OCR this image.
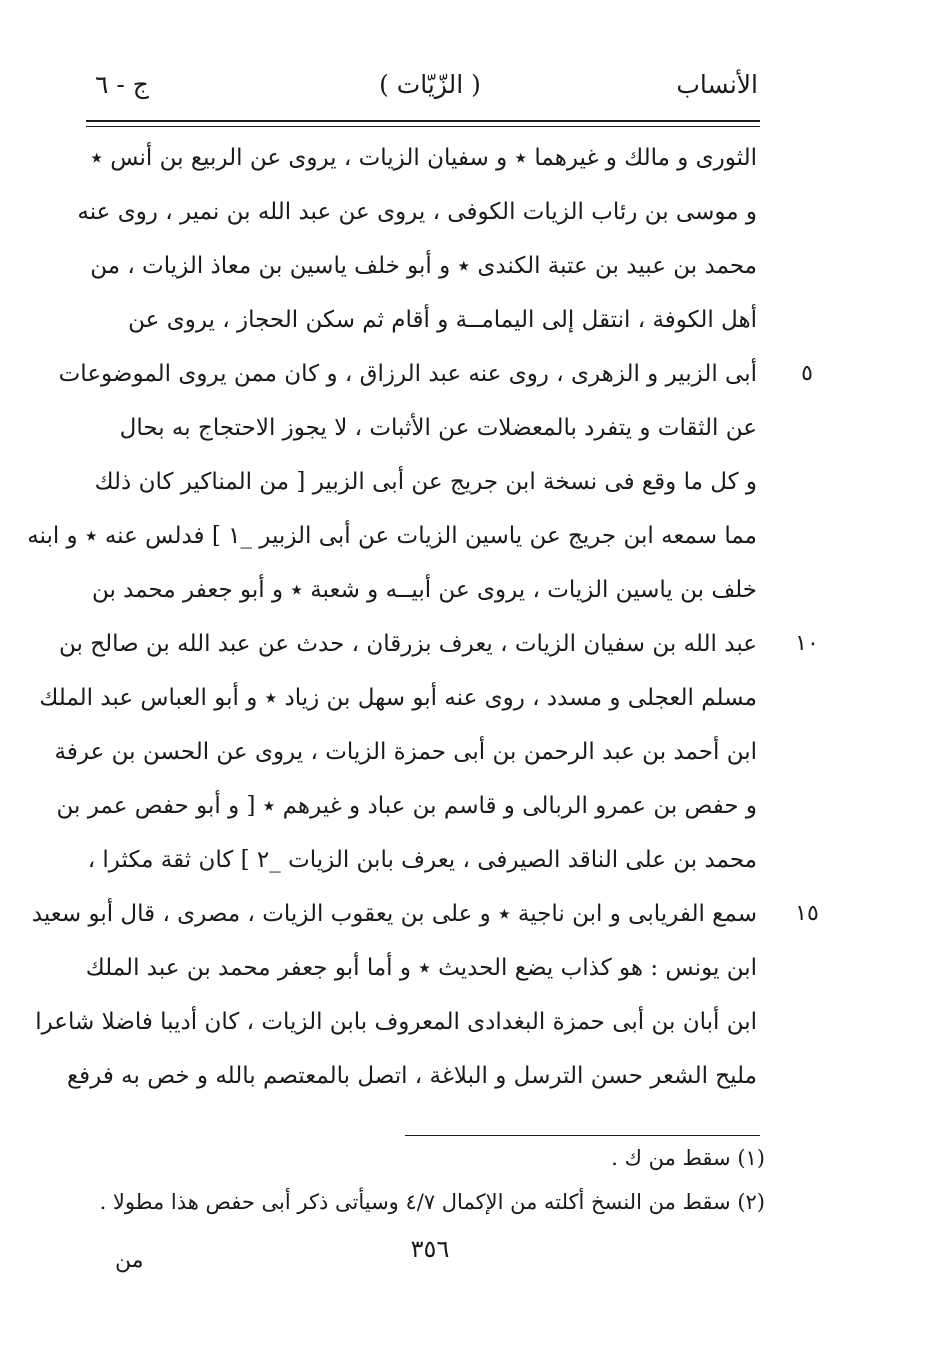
الأنساب
( الزّيّات )
ج - ٦
الثورى و مالك و غيرهما ٭ و سفيان الزيات ، يروى عن الربيع بن أنس ٭
و موسى بن رئاب الزيات الكوفى ، يروى عن عبد الله بن نمير ، روى عنه
محمد بن عبيد بن عتبة الكندى ٭ و أبو خلف ياسين بن معاذ الزيات ، من
أهل الكوفة ، انتقل إلى اليمامــة و أقام ثم سكن الحجاز ، يروى عن
أبى الزبير و الزهرى ، روى عنه عبد الرزاق ، و كان ممن يروى الموضوعات
عن الثقات و يتفرد بالمعضلات عن الأثبات ، لا يجوز الاحتجاج به بحال
و كل ما وقع فى نسخة ابن جريج عن أبى الزبير [ من المناكير كان ذلك
مما سمعه ابن جريج عن ياسين الزيات عن أبى الزبير _١ ] فدلس عنه ٭ و ابنه
خلف بن ياسين الزيات ، يروى عن أبيــه و شعبة ٭ و أبو جعفر محمد بن
عبد الله بن سفيان الزيات ، يعرف بزرقان ، حدث عن عبد الله بن صالح بن
مسلم العجلى و مسدد ، روى عنه أبو سهل بن زياد ٭ و أبو العباس عبد الملك
ابن أحمد بن عبد الرحمن بن أبى حمزة الزيات ، يروى عن الحسن بن عرفة
و حفص بن عمرو الربالى و قاسم بن عباد و غيرهم ٭ [ و أبو حفص عمر بن
محمد بن على الناقد الصيرفى ، يعرف بابن الزيات _٢ ] كان ثقة مكثرا ،
سمع الفريابى و ابن ناجية ٭ و على بن يعقوب الزيات ، مصرى ، قال أبو سعيد
ابن يونس : هو كذاب يضع الحديث ٭ و أما أبو جعفر محمد بن عبد الملك
ابن أبان بن أبى حمزة البغدادى المعروف بابن الزيات ، كان أديبا فاضلا شاعرا
مليح الشعر حسن الترسل و البلاغة ، اتصل بالمعتصم بالله و خص به فرفع
٥
١٠
١٥
(١) سقط من ك .
(٢) سقط من النسخ أكلته من الإكمال ٤/٧ وسيأتى ذكر أبى حفص هذا مطولا .
٣٥٦
من
